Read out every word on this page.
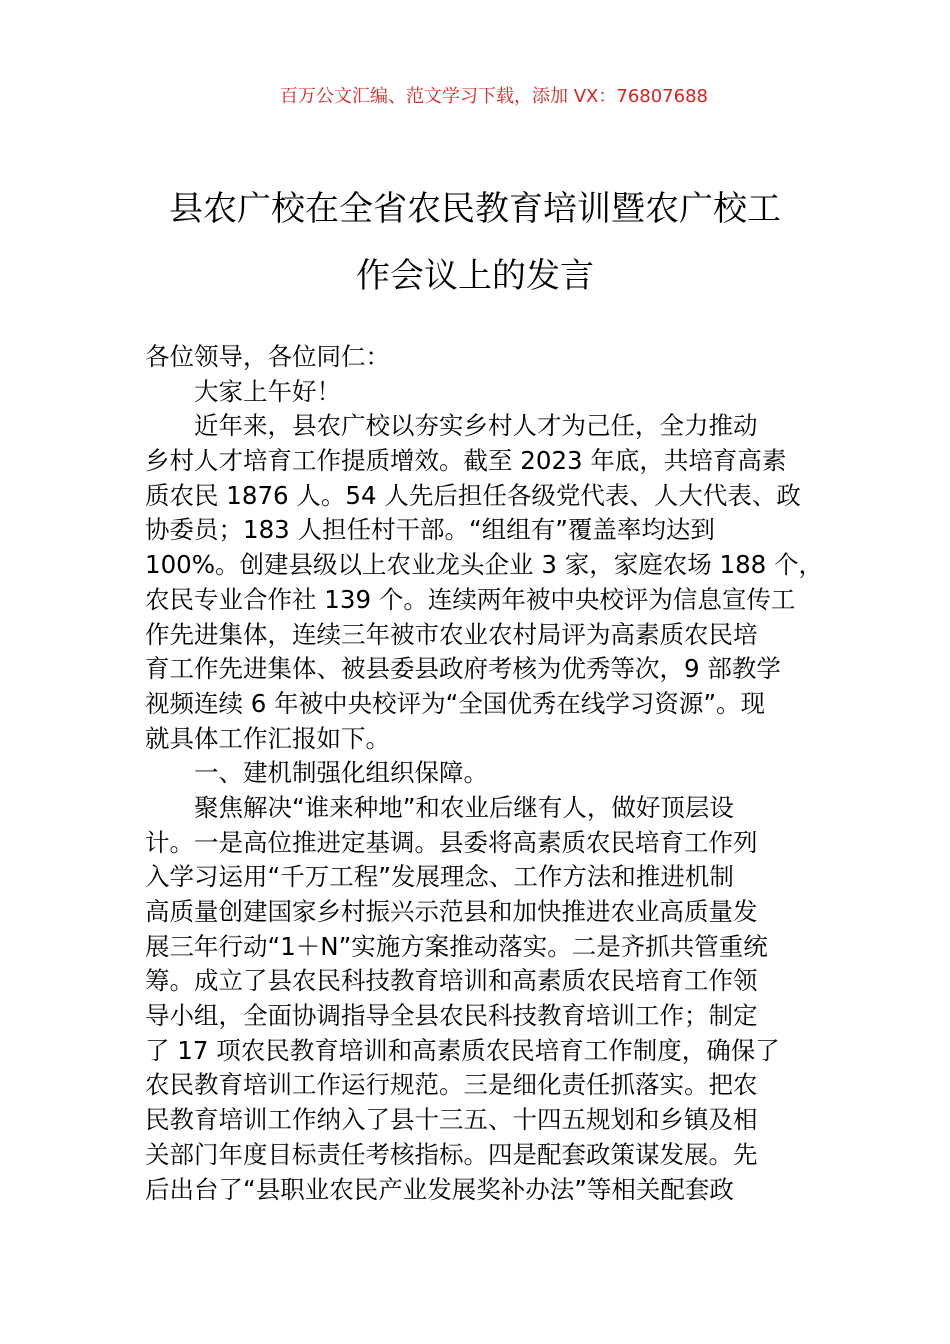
百万公文汇编、范文学习下载，添加 VX：76807688
县农广校在全省农民教育培训暨农广校工
作会议上的发言
各位领导，各位同仁：
　　大家上午好！
　　近年来，县农广校以夯实乡村人才为己任，全力推动
乡村人才培育工作提质增效。截至 2023 年底，共培育高素
质农民 1876 人。54 人先后担任各级党代表、人大代表、政
协委员；183 人担任村干部。“组组有”覆盖率均达到
100%。创建县级以上农业龙头企业 3 家，家庭农场 188 个，
农民专业合作社 139 个。连续两年被中央校评为信息宣传工
作先进集体，连续三年被市农业农村局评为高素质农民培
育工作先进集体、被县委县政府考核为优秀等次，9 部教学
视频连续 6 年被中央校评为“全国优秀在线学习资源”。现
就具体工作汇报如下。
　　一、建机制强化组织保障。
　　聚焦解决“谁来种地”和农业后继有人，做好顶层设
计。一是高位推进定基调。县委将高素质农民培育工作列
入学习运用“千万工程”发展理念、工作方法和推进机制
高质量创建国家乡村振兴示范县和加快推进农业高质量发
展三年行动“1＋N”实施方案推动落实。二是齐抓共管重统
筹。成立了县农民科技教育培训和高素质农民培育工作领
导小组，全面协调指导全县农民科技教育培训工作；制定
了 17 项农民教育培训和高素质农民培育工作制度，确保了
农民教育培训工作运行规范。三是细化责任抓落实。把农
民教育培训工作纳入了县十三五、十四五规划和乡镇及相
关部门年度目标责任考核指标。四是配套政策谋发展。先
后出台了“县职业农民产业发展奖补办法”等相关配套政
